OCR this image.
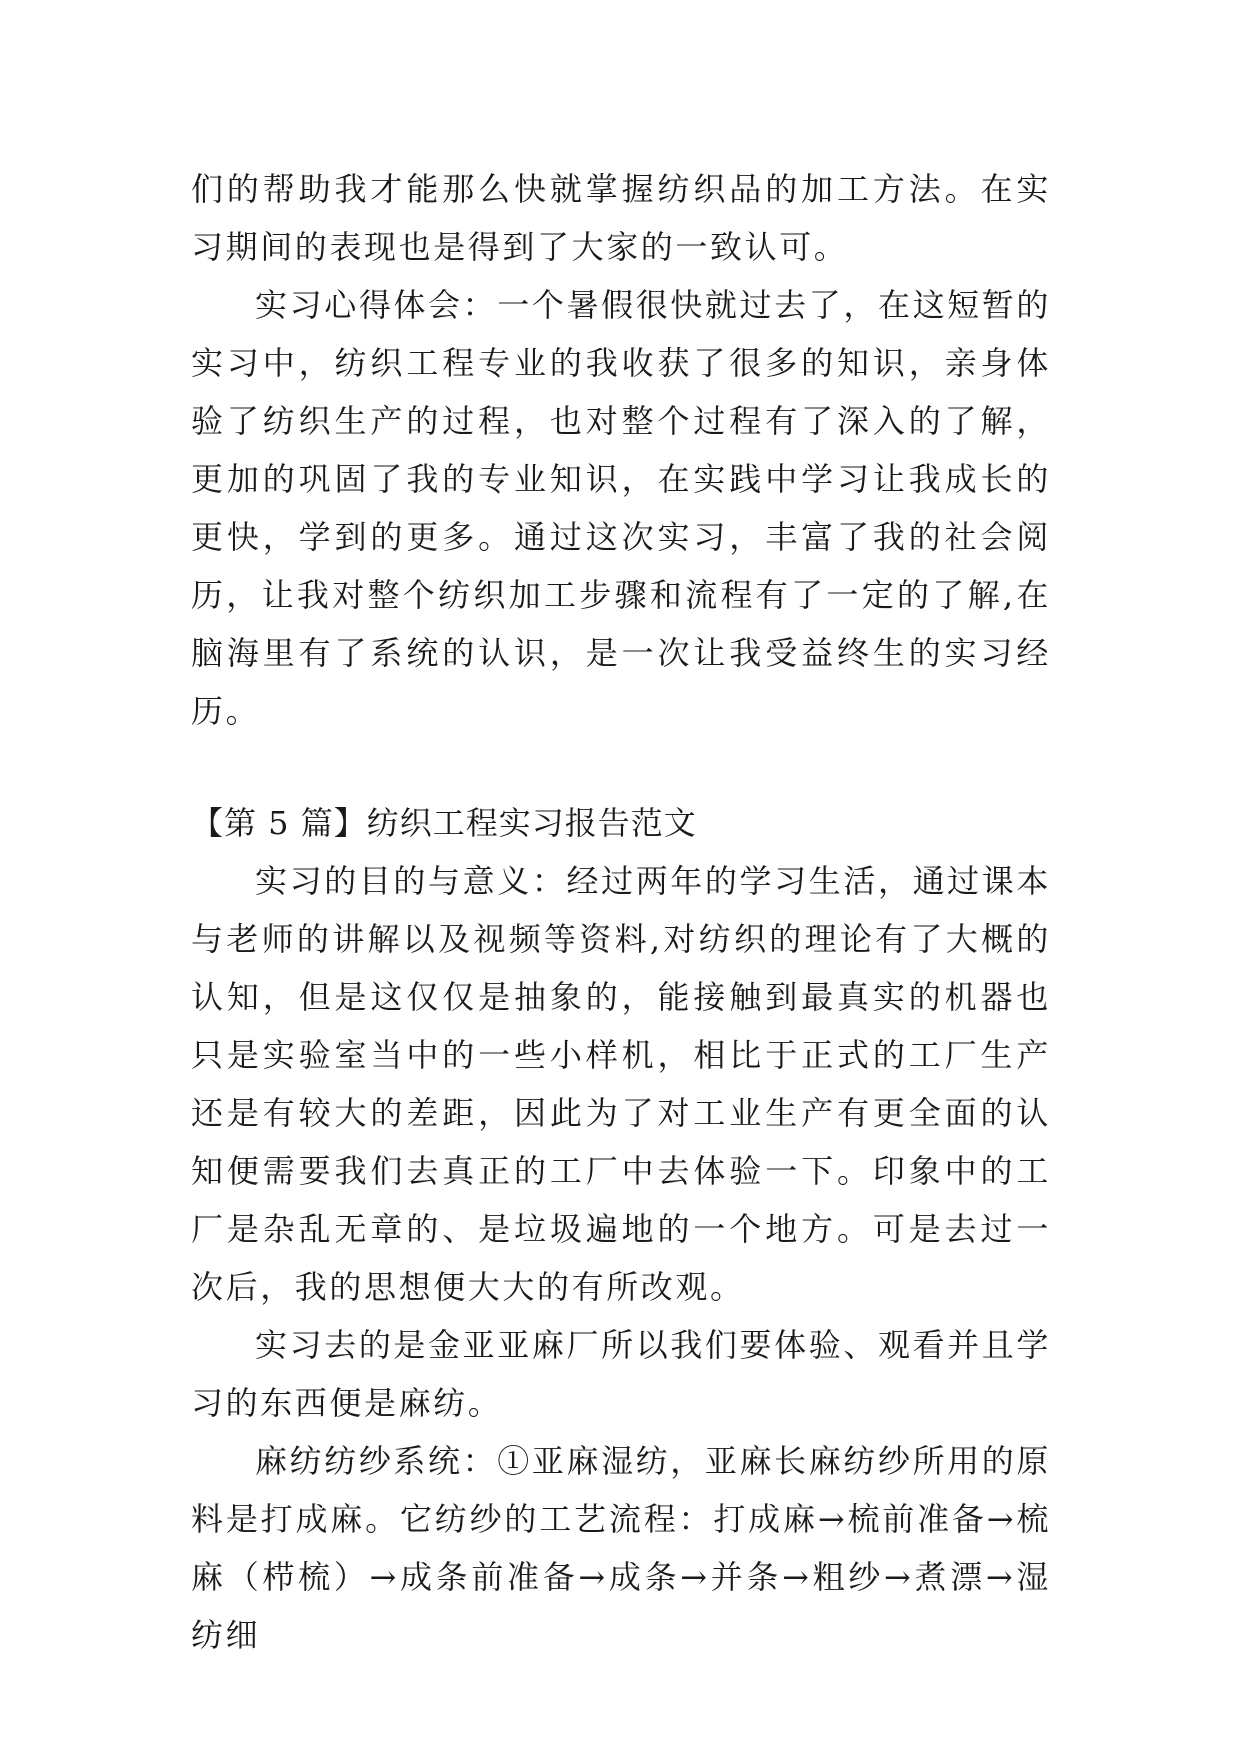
们的帮助我才能那么快就掌握纺织品的加工方法。在实习期间的表现也是得到了大家的一致认可。

实习心得体会：一个暑假很快就过去了，在这短暂的实习中，纺织工程专业的我收获了很多的知识，亲身体验了纺织生产的过程，也对整个过程有了深入的了解，更加的巩固了我的专业知识，在实践中学习让我成长的更快，学到的更多。通过这次实习，丰富了我的社会阅历，让我对整个纺织加工步骤和流程有了一定的了解,在脑海里有了系统的认识，是一次让我受益终生的实习经历。

【第 5 篇】纺织工程实习报告范文

实习的目的与意义：经过两年的学习生活，通过课本与老师的讲解以及视频等资料,对纺织的理论有了大概的认知，但是这仅仅是抽象的，能接触到最真实的机器也只是实验室当中的一些小样机，相比于正式的工厂生产还是有较大的差距，因此为了对工业生产有更全面的认知便需要我们去真正的工厂中去体验一下。印象中的工厂是杂乱无章的、是垃圾遍地的一个地方。可是去过一次后，我的思想便大大的有所改观。

实习去的是金亚亚麻厂所以我们要体验、观看并且学习的东西便是麻纺。

麻纺纺纱系统：①亚麻湿纺，亚麻长麻纺纱所用的原料是打成麻。它纺纱的工艺流程：打成麻→梳前准备→梳麻（栉梳）→成条前准备→成条→并条→粗纱→煮漂→湿纺细
